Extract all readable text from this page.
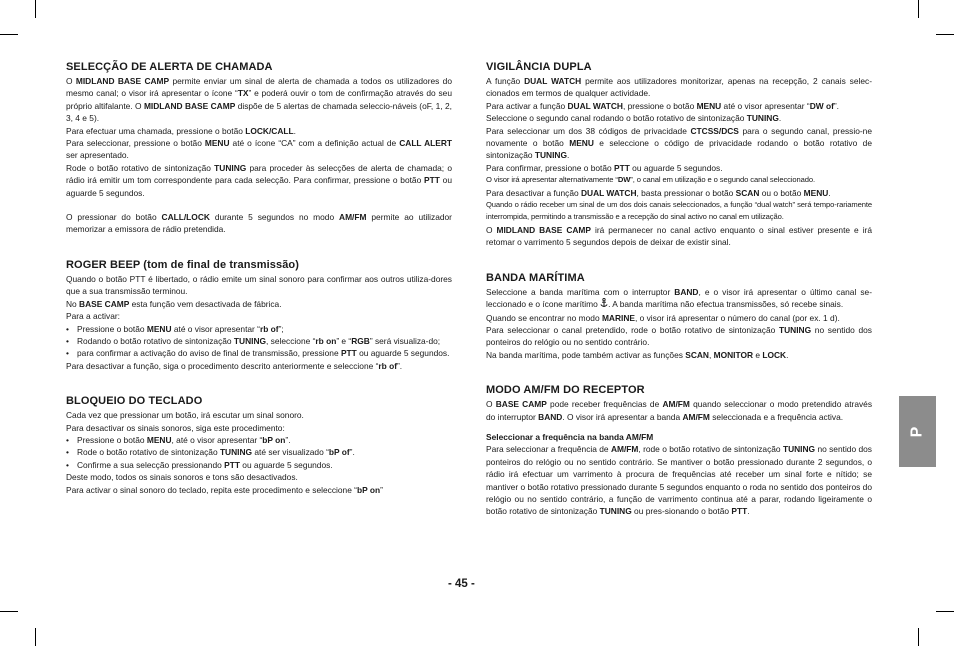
SELECÇÃO DE ALERTA DE CHAMADA

O MIDLAND BASE CAMP permite enviar um sinal de alerta de chamada a todos os utilizadores do mesmo canal; o visor irá apresentar o ícone “TX” e poderá ouvir o tom de confirmação através do seu próprio altifalante. O MIDLAND BASE CAMP dispõe de 5 alertas de chamada seleccio-náveis (oF, 1, 2, 3, 4 e 5).

Para efectuar uma chamada, pressione o botão LOCK/CALL.

Para seleccionar, pressione o botão MENU até o ícone “CA” com a definição actual de CALL ALERT ser apresentado.

Rode o botão rotativo de sintonização TUNING para proceder às selecções de alerta de chamada; o rádio irá emitir um tom correspondente para cada selecção. Para confirmar, pressione o botão PTT ou aguarde 5 segundos.

O pressionar do botão CALL/LOCK durante 5 segundos no modo AM/FM permite ao utilizador memorizar a emissora de rádio pretendida.

ROGER BEEP (tom de final de transmissão)

Quando o botão PTT é libertado, o rádio emite um sinal sonoro para confirmar aos outros utiliza-dores que a sua transmissão terminou.

No BASE CAMP esta função vem desactivada de fábrica.

Para a activar:

• Pressione o botão MENU até o visor apresentar “rb of”;
• Rodando o botão rotativo de sintonização TUNING, seleccione “rb on” e “RGB” será visualiza-do;
• para confirmar a activação do aviso de final de transmissão, pressione PTT ou aguarde 5 segundos.

Para desactivar a função, siga o procedimento descrito anteriormente e seleccione “rb of”.

BLOQUEIO DO TECLADO

Cada vez que pressionar um botão, irá escutar um sinal sonoro.

Para desactivar os sinais sonoros, siga este procedimento:

• Pressione o botão MENU, até o visor apresentar “bP on”.
• Rode o botão rotativo de sintonização TUNING até ser visualizado “bP of”.
• Confirme a sua selecção pressionando PTT ou aguarde 5 segundos.

Deste modo, todos os sinais sonoros e tons são desactivados.

Para activar o sinal sonoro do teclado, repita este procedimento e seleccione “bP on”

VIGILÂNCIA DUPLA

A função DUAL WATCH permite aos utilizadores monitorizar, apenas na recepção, 2 canais selec-cionados em termos de qualquer actividade.

Para activar a função DUAL WATCH, pressione o botão MENU até o visor apresentar “DW of”.

Seleccione o segundo canal rodando o botão rotativo de sintonização TUNING.

Para seleccionar um dos 38 códigos de privacidade CTCSS/DCS para o segundo canal, pressio-ne novamente o botão MENU e seleccione o código de privacidade rodando o botão rotativo de sintonização TUNING.

Para confirmar, pressione o botão PTT ou aguarde 5 segundos.

O visor irá apresentar alternativamente “DW”, o canal em utilização e o segundo canal seleccionado.

Para desactivar a função DUAL WATCH, basta pressionar o botão SCAN ou o botão MENU.

Quando o rádio receber um sinal de um dos dois canais seleccionados, a função “dual watch” será tempo-rariamente interrompida, permitindo a transmissão e a recepção do sinal activo no canal em utilização.

O MIDLAND BASE CAMP irá permanecer no canal activo enquanto o sinal estiver presente e irá retomar o varrimento 5 segundos depois de deixar de existir sinal.

BANDA MARÍTIMA

Seleccione a banda marítima com o interruptor BAND, e o visor irá apresentar o último canal se-leccionado e o ícone marítimo . A banda marítima não efectua transmissões, só recebe sinais.

Quando se encontrar no modo MARINE, o visor irá apresentar o número do canal (por ex. 1 d).

Para seleccionar o canal pretendido, rode o botão rotativo de sintonização TUNING no sentido dos ponteiros do relógio ou no sentido contrário.

Na banda marítima, pode também activar as funções SCAN, MONITOR e LOCK.

MODO AM/FM DO RECEPTOR

O BASE CAMP pode receber frequências de AM/FM quando seleccionar o modo pretendido através do interruptor BAND. O visor irá apresentar a banda AM/FM seleccionada e a frequência activa.

Seleccionar a frequência na banda AM/FM

Para seleccionar a frequência de AM/FM, rode o botão rotativo de sintonização TUNING no sentido dos ponteiros do relógio ou no sentido contrário. Se mantiver o botão pressionado durante 2 segundos, o rádio irá efectuar um varrimento à procura de frequências até receber um sinal forte e nítido; se mantiver o botão rotativo pressionado durante 5 segundos enquanto o roda no sentido dos ponteiros do relógio ou no sentido contrário, a função de varrimento continua até a parar, rodando ligeiramente o botão rotativo de sintonização TUNING ou pres-sionando o botão PTT.

- 45 -
P
